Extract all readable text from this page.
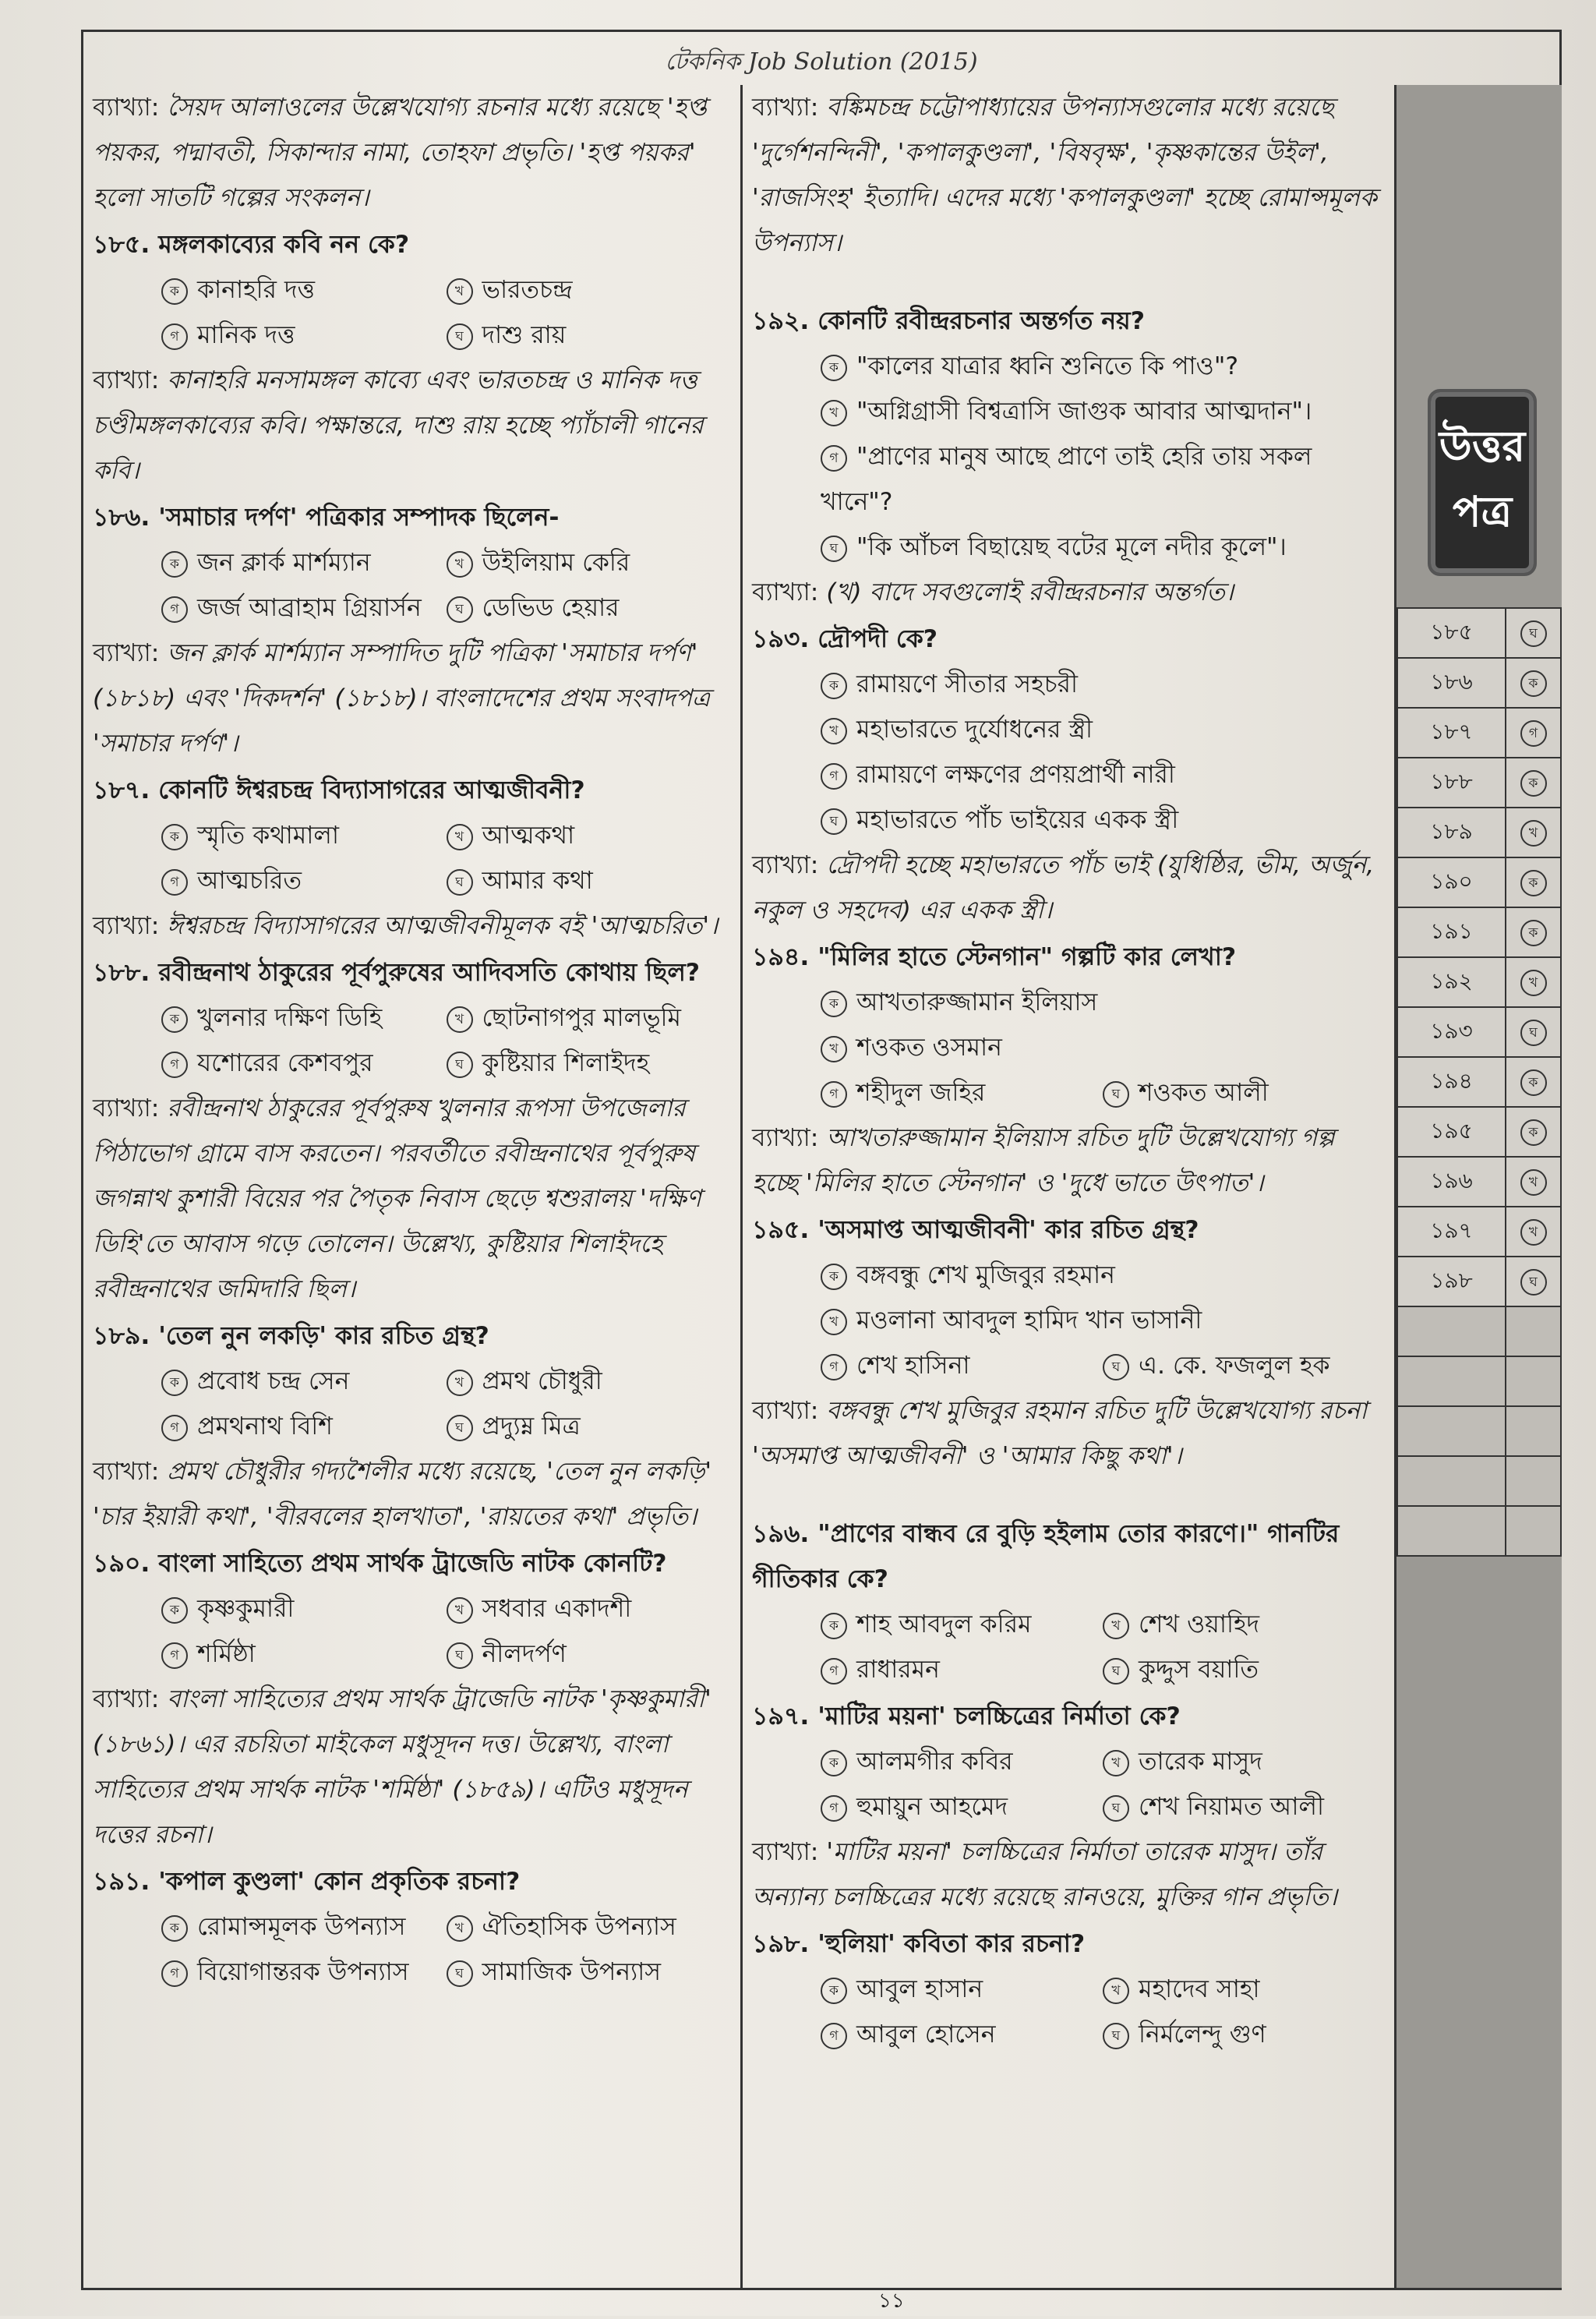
টেকনিক Job Solution (2015)
ব্যাখ্যা: সৈয়দ আলাওলের উল্লেখযোগ্য রচনার মধ্যে রয়েছে 'হপ্ত পয়কর, পদ্মাবতী, সিকান্দার নামা, তোহফা প্রভৃতি। 'হপ্ত পয়কর' হলো সাতটি গল্পের সংকলন।
১৮৫. মঙ্গলকাব্যের কবি নন কে?
ক কানাহরি দত্ত	খ ভারতচন্দ্র
গ মানিক দত্ত	ঘ দাশু রায়
ব্যাখ্যা: কানাহরি মনসামঙ্গল কাব্যে এবং ভারতচন্দ্র ও মানিক দত্ত চণ্ডীমঙ্গলকাব্যের কবি। পক্ষান্তরে, দাশু রায় হচ্ছে প্যাঁচালী গানের কবি।
১৮৬. 'সমাচার দর্পণ' পত্রিকার সম্পাদক ছিলেন-
ক জন ক্লার্ক মার্শম্যান	খ উইলিয়াম কেরি
গ জর্জ আব্রাহাম গ্রিয়ার্সন	ঘ ডেভিড হেয়ার
ব্যাখ্যা: জন ক্লার্ক মার্শম্যান সম্পাদিত দুটি পত্রিকা 'সমাচার দর্পণ' (১৮১৮) এবং 'দিকদর্শন' (১৮১৮)। বাংলাদেশের প্রথম সংবাদপত্র 'সমাচার দর্পণ'।
১৮৭. কোনটি ঈশ্বরচন্দ্র বিদ্যাসাগরের আত্মজীবনী?
ক স্মৃতি কথামালা	খ আত্মকথা
গ আত্মচরিত	ঘ আমার কথা
ব্যাখ্যা: ঈশ্বরচন্দ্র বিদ্যাসাগরের আত্মজীবনীমূলক বই 'আত্মচরিত'।
১৮৮. রবীন্দ্রনাথ ঠাকুরের পূর্বপুরুষের আদিবসতি কোথায় ছিল?
ক খুলনার দক্ষিণ ডিহি	খ ছোটনাগপুর মালভূমি
গ যশোরের কেশবপুর	ঘ কুষ্টিয়ার শিলাইদহ
ব্যাখ্যা: রবীন্দ্রনাথ ঠাকুরের পূর্বপুরুষ খুলনার রূপসা উপজেলার পিঠাভোগ গ্রামে বাস করতেন। পরবর্তীতে রবীন্দ্রনাথের পূর্বপুরুষ জগন্নাথ কুশারী বিয়ের পর পৈতৃক নিবাস ছেড়ে শ্বশুরালয় 'দক্ষিণ ডিহি'তে আবাস গড়ে তোলেন। উল্লেখ্য, কুষ্টিয়ার শিলাইদহে রবীন্দ্রনাথের জমিদারি ছিল।
১৮৯. 'তেল নুন লকড়ি' কার রচিত গ্রন্থ?
ক প্রবোধ চন্দ্র সেন	খ প্রমথ চৌধুরী
গ প্রমথনাথ বিশি	ঘ প্রদ্যুম্ন মিত্র
ব্যাখ্যা: প্রমথ চৌধুরীর গদ্যশৈলীর মধ্যে রয়েছে, 'তেল নুন লকড়ি' 'চার ইয়ারী কথা', 'বীরবলের হালখাতা', 'রায়তের কথা' প্রভৃতি।
১৯০. বাংলা সাহিত্যে প্রথম সার্থক ট্রাজেডি নাটক কোনটি?
ক কৃষ্ণকুমারী	খ সধবার একাদশী
গ শর্মিষ্ঠা	ঘ নীলদর্পণ
ব্যাখ্যা: বাংলা সাহিত্যের প্রথম সার্থক ট্রাজেডি নাটক 'কৃষ্ণকুমারী' (১৮৬১)। এর রচয়িতা মাইকেল মধুসূদন দত্ত। উল্লেখ্য, বাংলা সাহিত্যের প্রথম সার্থক নাটক 'শর্মিষ্ঠা' (১৮৫৯)। এটিও মধুসূদন দত্তের রচনা।
১৯১. 'কপাল কুণ্ডলা' কোন প্রকৃতিক রচনা?
ক রোমান্সমূলক উপন্যাস	খ ঐতিহাসিক উপন্যাস
গ বিয়োগান্তরক উপন্যাস	ঘ সামাজিক উপন্যাস
ব্যাখ্যা: বঙ্কিমচন্দ্র চট্টোপাধ্যায়ের উপন্যাসগুলোর মধ্যে রয়েছে 'দুর্গেশনন্দিনী', 'কপালকুণ্ডলা', 'বিষবৃক্ষ', 'কৃষ্ণকান্তের উইল', 'রাজসিংহ' ইত্যাদি। এদের মধ্যে 'কপালকুণ্ডলা' হচ্ছে রোমান্সমূলক উপন্যাস।
১৯২. কোনটি রবীন্দ্ররচনার অন্তর্গত নয়?
ক "কালের যাত্রার ধ্বনি শুনিতে কি পাও"?
খ "অগ্নিগ্রাসী বিশ্বত্রাসি জাগুক আবার আত্মদান"।
গ "প্রাণের মানুষ আছে প্রাণে তাই হেরি তায় সকল খানে"?
ঘ "কি আঁচল বিছায়েছ বটের মূলে নদীর কূলে"।
ব্যাখ্যা: (খ) বাদে সবগুলোই রবীন্দ্ররচনার অন্তর্গত।
১৯৩. দ্রৌপদী কে?
ক রামায়ণে সীতার সহচরী
খ মহাভারতে দুর্যোধনের স্ত্রী
গ রামায়ণে লক্ষণের প্রণয়প্রার্থী নারী
ঘ মহাভারতে পাঁচ ভাইয়ের একক স্ত্রী
ব্যাখ্যা: দ্রৌপদী হচ্ছে মহাভারতে পাঁচ ভাই (যুধিষ্ঠির, ভীম, অর্জুন, নকুল ও সহদেব) এর একক স্ত্রী।
১৯৪. "মিলির হাতে স্টেনগান" গল্পটি কার লেখা?
ক আখতারুজ্জামান ইলিয়াস
খ শওকত ওসমান
গ শহীদুল জহির	ঘ শওকত আলী
ব্যাখ্যা: আখতারুজ্জামান ইলিয়াস রচিত দুটি উল্লেখযোগ্য গল্প হচ্ছে 'মিলির হাতে স্টেনগান' ও 'দুধে ভাতে উৎপাত'।
১৯৫. 'অসমাপ্ত আত্মজীবনী' কার রচিত গ্রন্থ?
ক বঙ্গবন্ধু শেখ মুজিবুর রহমান
খ মওলানা আবদুল হামিদ খান ভাসানী
গ শেখ হাসিনা	ঘ এ. কে. ফজলুল হক
ব্যাখ্যা: বঙ্গবন্ধু শেখ মুজিবুর রহমান রচিত দুটি উল্লেখযোগ্য রচনা 'অসমাপ্ত আত্মজীবনী' ও 'আমার কিছু কথা'।
১৯৬. "প্রাণের বান্ধব রে বুড়ি হইলাম তোর কারণে।" গানটির গীতিকার কে?
ক শাহ আবদুল করিম	খ শেখ ওয়াহিদ
গ রাধারমন	ঘ কুদ্দুস বয়াতি
১৯৭. 'মাটির ময়না' চলচ্চিত্রের নির্মাতা কে?
ক আলমগীর কবির	খ তারেক মাসুদ
গ হুমায়ুন আহমেদ	ঘ শেখ নিয়ামত আলী
ব্যাখ্যা: 'মাটির ময়না' চলচ্চিত্রের নির্মাতা তারেক মাসুদ। তাঁর অন্যান্য চলচ্চিত্রের মধ্যে রয়েছে রানওয়ে, মুক্তির গান প্রভৃতি।
১৯৮. 'হুলিয়া' কবিতা কার রচনা?
ক আবুল হাসান	খ মহাদেব সাহা
গ আবুল হোসেন	ঘ নির্মলেন্দু গুণ
উত্তর
পত্র
১৮৫	ঘ
১৮৬	ক
১৮৭	গ
১৮৮	ক
১৮৯	খ
১৯০	ক
১৯১	ক
১৯২	খ
১৯৩	ঘ
১৯৪	ক
১৯৫	ক
১৯৬	খ
১৯৭	খ
১৯৮	ঘ

১১
